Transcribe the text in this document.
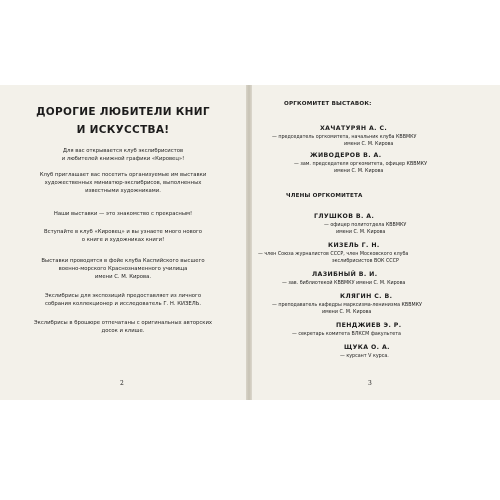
ДОРОГИЕ ЛЮБИТЕЛИ КНИГ
И ИСКУССТВА!
Для вас открывается клуб экслибрисистов
и любителей книжной графики «Кировец»!
Клуб приглашает вас посетить организуемые им выставки
художественных миниатюр-экслибрисов, выполненных
известными художниками.
Наши выставки — это знакомство с прекрасным!
Вступайте в клуб «Кировец» и вы узнаете много нового
о книге и художниках книги!
Выставки проводятся в фойе клуба Каспийского высшего
военно-морского Краснознаменного училища
имени С. М. Кирова.
Экслибрисы для экспозиций предоставляет из личного
собрания коллекционер и исследователь Г. Н. КИЗЕЛЬ.
Экслибрисы в брошюре отпечатаны с оригинальных авторских
досок и клише.
2
ОРГКОМИТЕТ ВЫСТАВОК:
ХАЧАТУРЯН А. С.
— председатель оргкомитета, начальник клуба КВВМКУ
имени С. М. Кирова
ЖИВОДЕРОВ В. А.
— зам. председателя оргкомитета, офицер КВВМКУ
имени С. М. Кирова
ЧЛЕНЫ ОРГКОМИТЕТА
ГЛУШКОВ В. А.
— офицер политотдела КВВМКУ
имени С. М. Кирова
КИЗЕЛЬ Г. Н.
— член Союза журналистов СССР, член Московского клуба
экслибрисистов ВОК СССР
ЛАЗИБНЫЙ В. И.
— зав. библиотекой КВВМКУ имени С. М. Кирова
КЛЯГИН С. В.
— преподаватель кафедры марксизма-ленинизма КВВМКУ
имени С. М. Кирова
ПЕНДЖИЕВ Э. Р.
— секретарь комитета ВЛКСМ факультета
ЩУКА О. А.
— курсант V курса.
3
